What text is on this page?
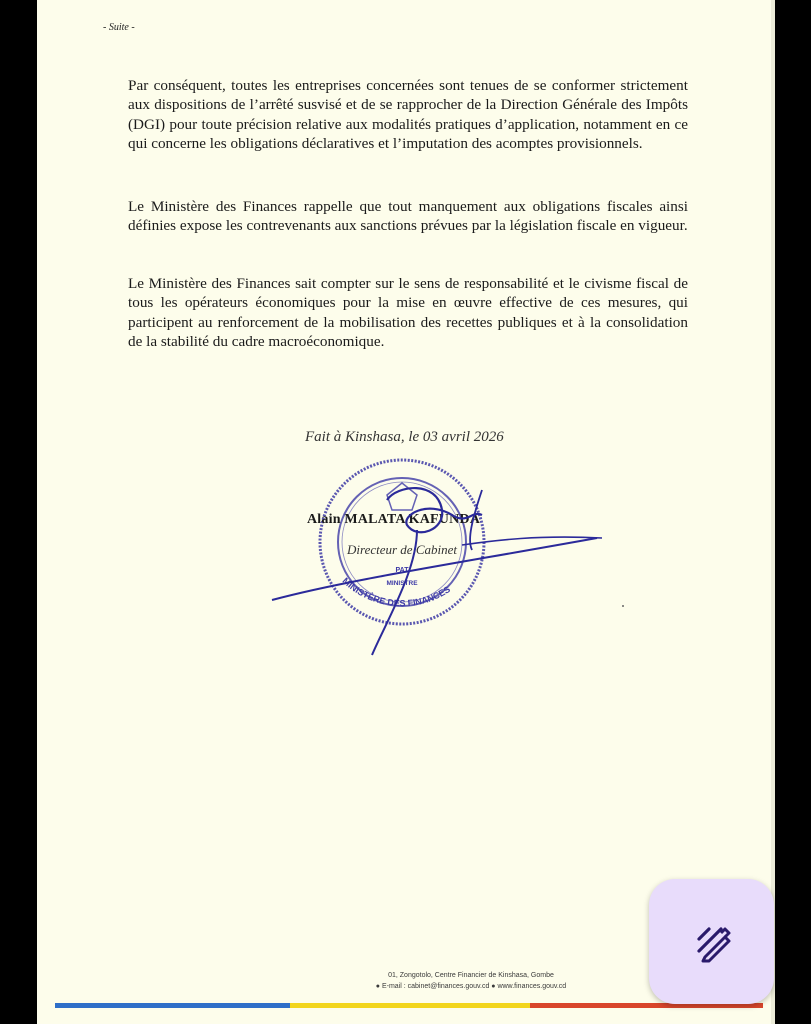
- Suite -

Par conséquent, toutes les entreprises concernées sont tenues de se conformer strictement aux dispositions de l’arrêté susvisé et de se rapprocher de la Direction Générale des Impôts (DGI) pour toute précision relative aux modalités pratiques d’application, notamment en ce qui concerne les obligations déclaratives et l’imputation des acomptes provisionnels.

Le Ministère des Finances rappelle que tout manquement aux obligations fiscales ainsi définies expose les contrevenants aux sanctions prévues par la législation fiscale en vigueur.

Le Ministère des Finances sait compter sur le sens de responsabilité et le civisme fiscal de tous les opérateurs économiques pour la mise en œuvre effective de ces mesures, qui participent au renforcement de la mobilisation des recettes publiques et à la consolidation de la stabilité du cadre macroéconomique.

Fait à Kinshasa, le 03 avril 2026
MINISTÈRE DES FINANCES
PAT
MINISTRE
Alain MALATA KAFUNDA
Directeur de Cabinet
01, Zongotolo, Centre Financier de Kinshasa, Gombe
● E-mail : cabinet@finances.gouv.cd ● www.finances.gouv.cd
